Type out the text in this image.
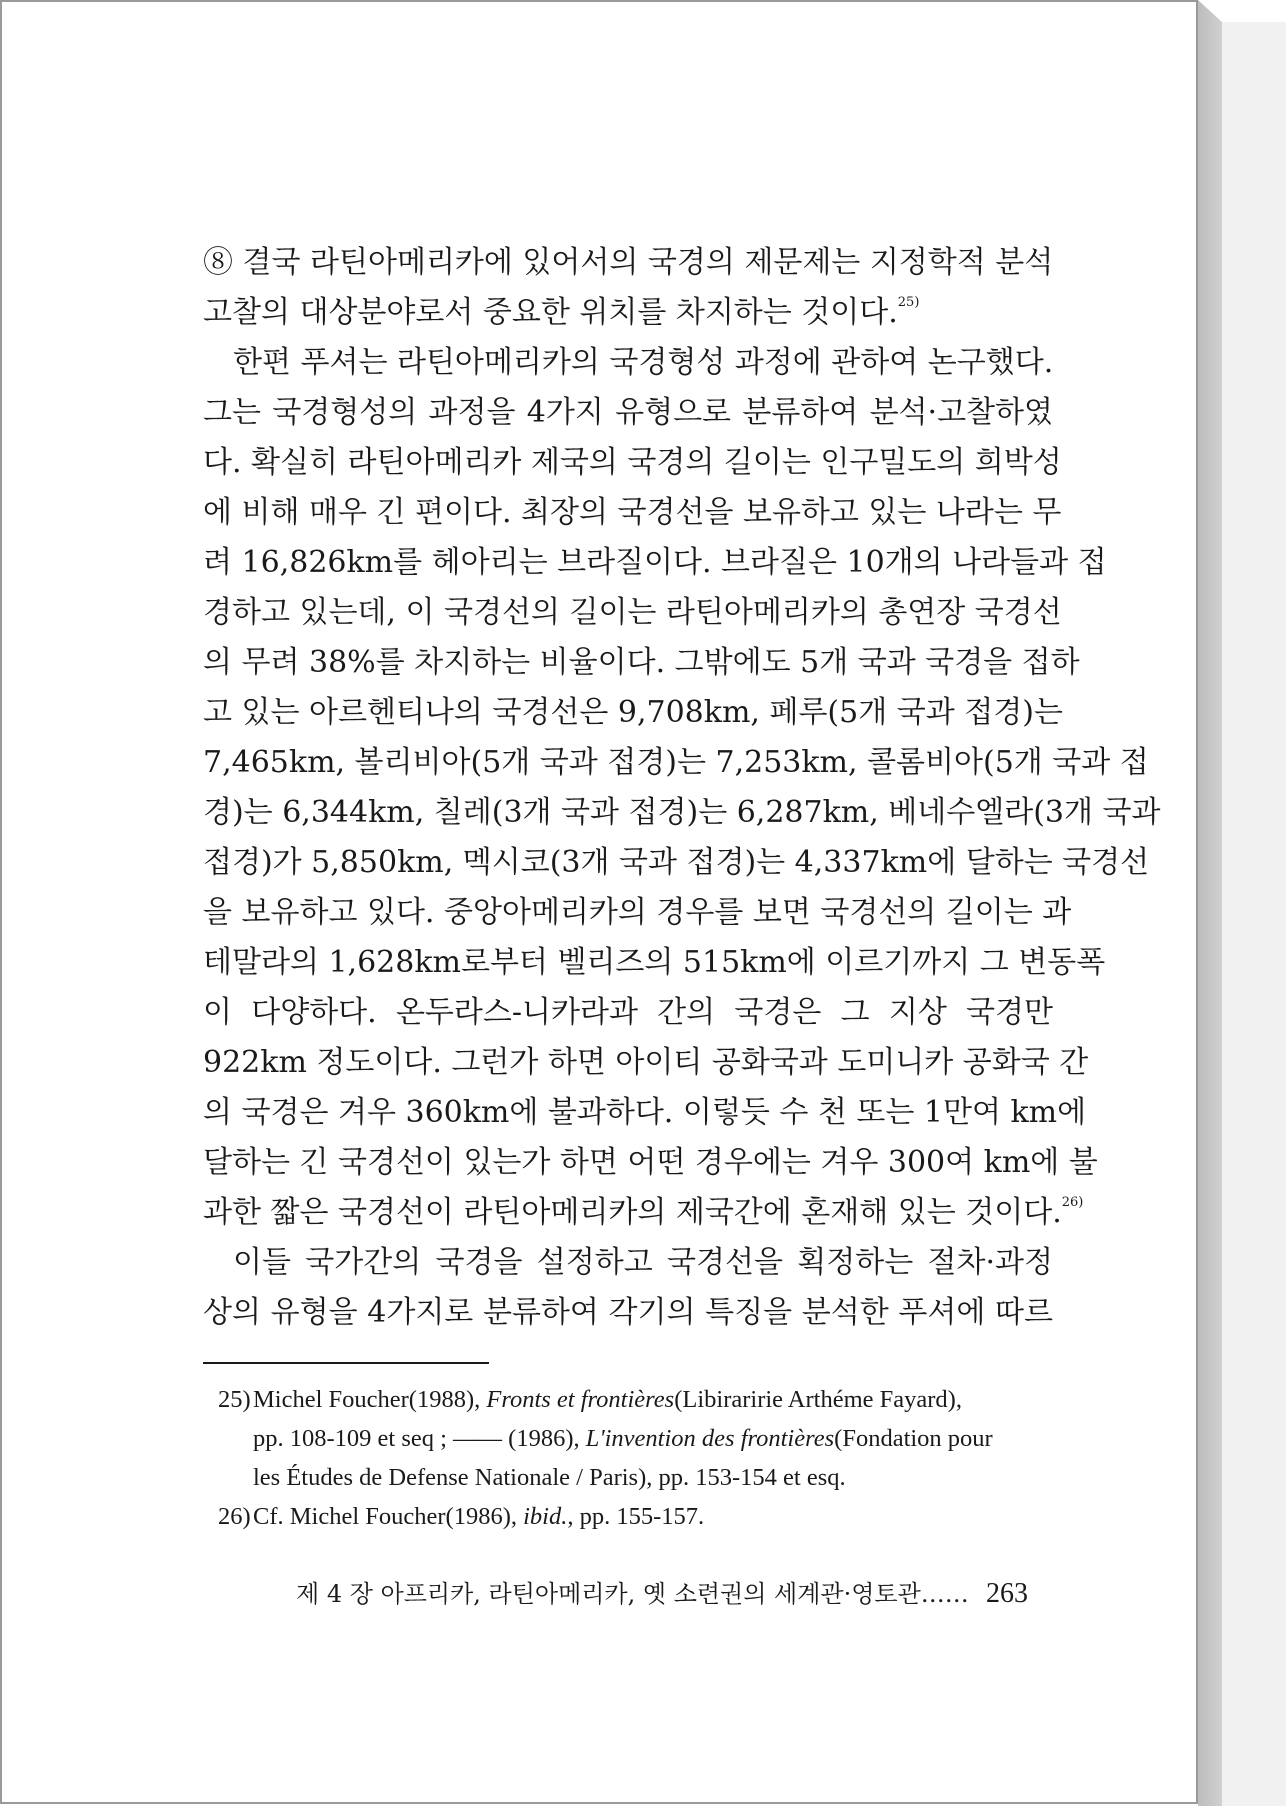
⑧ 결국 라틴아메리카에 있어서의 국경의 제문제는 지정학적 분석
고찰의 대상분야로서 중요한 위치를 차지하는 것이다.$^{25)}$
한편 푸셔는 라틴아메리카의 국경형성 과정에 관하여 논구했다.
그는 국경형성의 과정을 4가지 유형으로 분류하여 분석·고찰하였
다. 확실히 라틴아메리카 제국의 국경의 길이는 인구밀도의 희박성
에 비해 매우 긴 편이다. 최장의 국경선을 보유하고 있는 나라는 무
려 16,826km를 헤아리는 브라질이다. 브라질은 10개의 나라들과 접
경하고 있는데, 이 국경선의 길이는 라틴아메리카의 총연장 국경선
의 무려 38%를 차지하는 비율이다. 그밖에도 5개 국과 국경을 접하
고 있는 아르헨티나의 국경선은 9,708km, 페루(5개 국과 접경)는
7,465km, 볼리비아(5개 국과 접경)는 7,253km, 콜롬비아(5개 국과 접
경)는 6,344km, 칠레(3개 국과 접경)는 6,287km, 베네수엘라(3개 국과
접경)가 5,850km, 멕시코(3개 국과 접경)는 4,337km에 달하는 국경선
을 보유하고 있다. 중앙아메리카의 경우를 보면 국경선의 길이는 과
테말라의 1,628km로부터 벨리즈의 515km에 이르기까지 그 변동폭
이 다양하다. 온두라스-니카라과 간의 국경은 그 지상 국경만
922km 정도이다. 그런가 하면 아이티 공화국과 도미니카 공화국 간
의 국경은 겨우 360km에 불과하다. 이렇듯 수 천 또는 1만여 km에
달하는 긴 국경선이 있는가 하면 어떤 경우에는 겨우 300여 km에 불
과한 짧은 국경선이 라틴아메리카의 제국간에 혼재해 있는 것이다.$^{26)}$
이들 국가간의 국경을 설정하고 국경선을 획정하는 절차·과정
상의 유형을 4가지로 분류하여 각기의 특징을 분석한 푸셔에 따르
25)Michel Foucher(1988), Fronts et frontières(Libiraririe Arthéme Fayard),
pp. 108-109 et seq ; —— (1986), L'invention des frontières(Fondation pour
les Études de Defense Nationale / Paris), pp. 153-154 et esq.
26)Cf. Michel Foucher(1986), ibid., pp. 155-157.
제 4 장 아프리카, 라틴아메리카, 옛 소련권의 세계관·영토관…… 263
